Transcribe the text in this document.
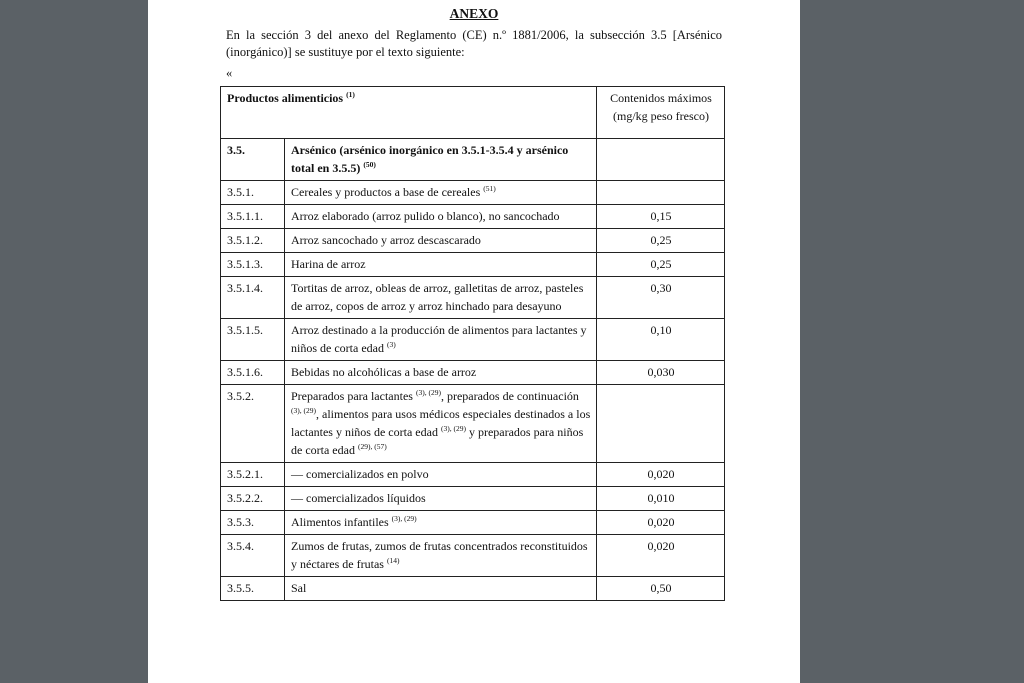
ANEXO
En la sección 3 del anexo del Reglamento (CE) n.º 1881/2006, la subsección 3.5 [Arsénico (inorgánico)] se sustituye por el texto siguiente:
«
Productos alimenticios $^{(1)}$		Contenidos máximos
(mg/kg peso fresco)

3.5.	Arsénico (arsénico inorgánico en 3.5.1-3.5.4 y arsénico total en 3.5.5) $^{(50)}$	
3.5.1.	Cereales y productos a base de cereales $^{(51)}$	
3.5.1.1.	Arroz elaborado (arroz pulido o blanco), no sancochado	0,15
3.5.1.2.	Arroz sancochado y arroz descascarado	0,25
3.5.1.3.	Harina de arroz	0,25
3.5.1.4.	Tortitas de arroz, obleas de arroz, galletitas de arroz, pasteles de arroz, copos de arroz y arroz hinchado para desayuno	0,30
3.5.1.5.	Arroz destinado a la producción de alimentos para lactantes y niños de corta edad $^{(3)}$	0,10
3.5.1.6.	Bebidas no alcohólicas a base de arroz	0,030
3.5.2.	Preparados para lactantes $^{(3), (29)}$, preparados de continuación $^{(3), (29)}$, alimentos para usos médicos especiales destinados a los lactantes y niños de corta edad $^{(3), (29)}$ y preparados para niños de corta edad $^{(29), (57)}$	
3.5.2.1.	— comercializados en polvo	0,020
3.5.2.2.	— comercializados líquidos	0,010
3.5.3.	Alimentos infantiles $^{(3), (29)}$	0,020
3.5.4.	Zumos de frutas, zumos de frutas concentrados reconstituidos y néctares de frutas $^{(14)}$	0,020
3.5.5.	Sal	0,50
